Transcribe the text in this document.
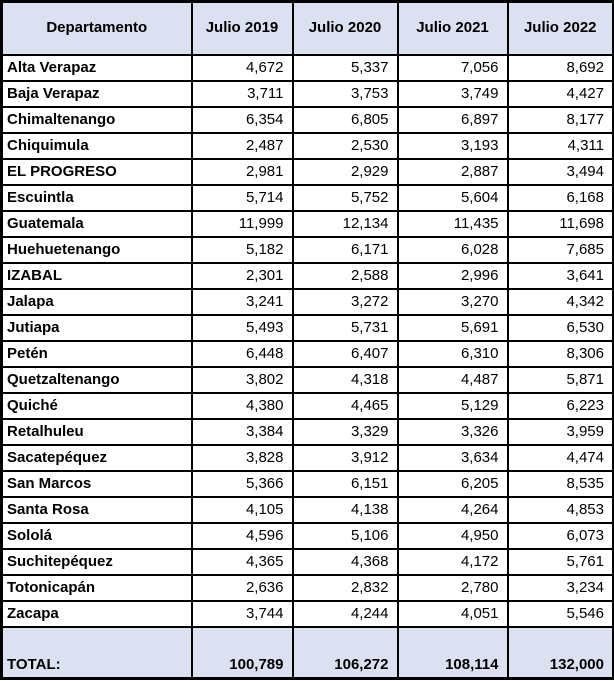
Departamento	Julio 2019	Julio 2020	Julio 2021	Julio 2022
Alta Verapaz	4,672	5,337	7,056	8,692
Baja Verapaz	3,711	3,753	3,749	4,427
Chimaltenango	6,354	6,805	6,897	8,177
Chiquimula	2,487	2,530	3,193	4,311
EL PROGRESO	2,981	2,929	2,887	3,494
Escuintla	5,714	5,752	5,604	6,168
Guatemala	11,999	12,134	11,435	11,698
Huehuetenango	5,182	6,171	6,028	7,685
IZABAL	2,301	2,588	2,996	3,641
Jalapa	3,241	3,272	3,270	4,342
Jutiapa	5,493	5,731	5,691	6,530
Petén	6,448	6,407	6,310	8,306
Quetzaltenango	3,802	4,318	4,487	5,871
Quiché	4,380	4,465	5,129	6,223
Retalhuleu	3,384	3,329	3,326	3,959
Sacatepéquez	3,828	3,912	3,634	4,474
San Marcos	5,366	6,151	6,205	8,535
Santa Rosa	4,105	4,138	4,264	4,853
Sololá	4,596	5,106	4,950	6,073
Suchitepéquez	4,365	4,368	4,172	5,761
Totonicapán	2,636	2,832	2,780	3,234
Zacapa	3,744	4,244	4,051	5,546
TOTAL:	100,789	106,272	108,114	132,000
